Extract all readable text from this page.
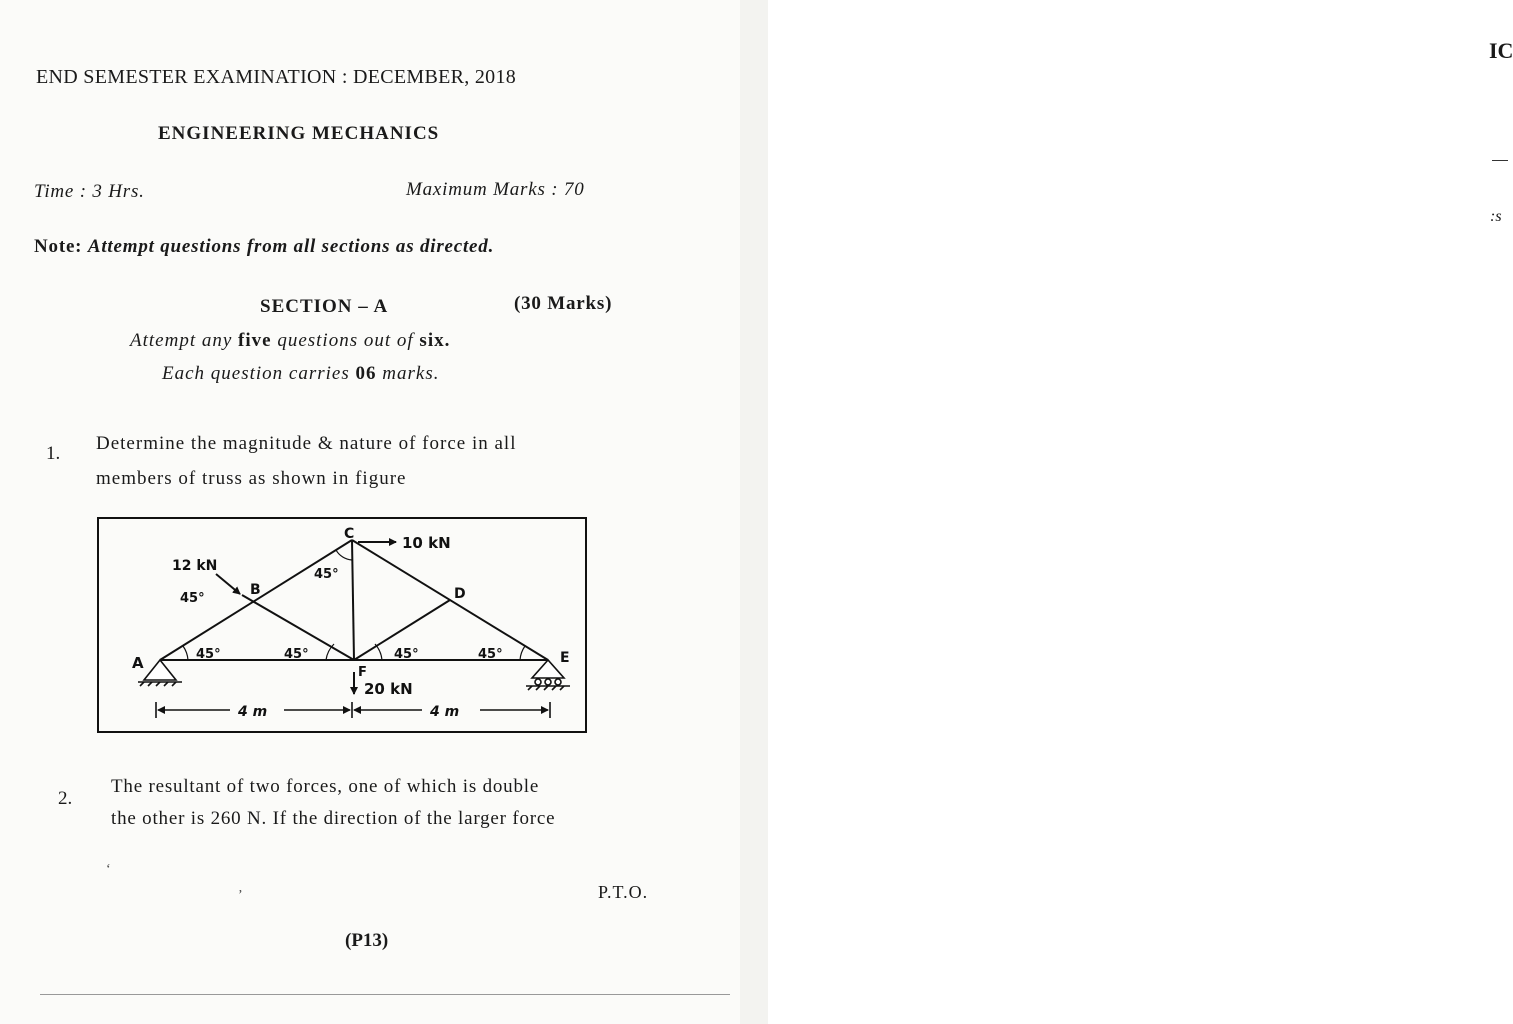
END SEMESTER EXAMINATION : DECEMBER, 2018
ENGINEERING MECHANICS
Time : 3 Hrs.	Maximum Marks : 70
Note: Attempt questions from all sections as directed.
SECTION – A	(30 Marks)
Attempt any five questions out of six.
Each question carries 06 marks.
1. Determine the magnitude & nature of force in all
members of truss as shown in figure
A
B
C
D
E
F
10 kN
12 kN
20 kN
45°
45°
45°	45°	45°	45°
4 m	4 m
2.
The resultant of two forces, one of which is double
the other is 260 N. If the direction of the larger force
P.T.O.
(P13)
ʻ
ʼ
IC
:s
